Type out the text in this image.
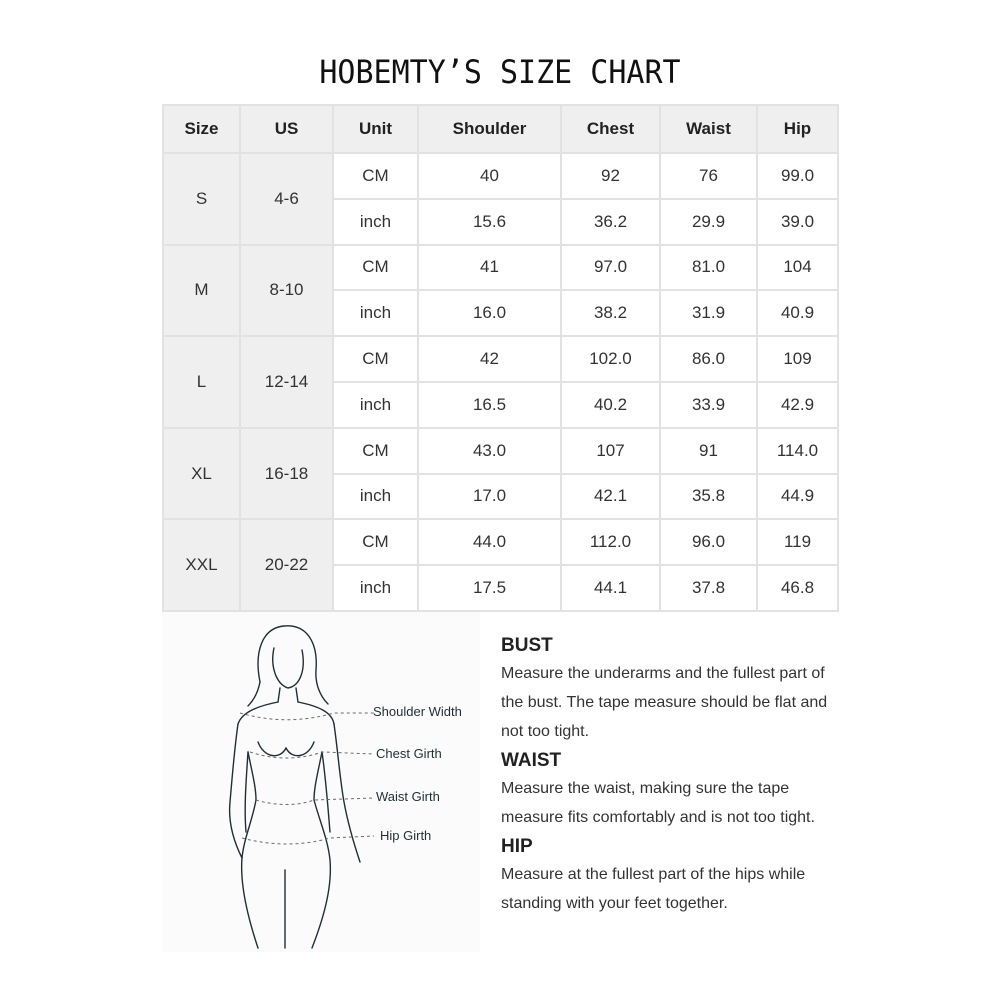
HOBEMTY’S SIZE CHART
Size	US	Unit	Shoulder	Chest	Waist	Hip
S	4-6	CM	40	92	76	99.0
		inch	15.6	36.2	29.9	39.0
M	8-10	CM	41	97.0	81.0	104
		inch	16.0	38.2	31.9	40.9
L	12-14	CM	42	102.0	86.0	109
		inch	16.5	40.2	33.9	42.9
XL	16-18	CM	43.0	107	91	114.0
		inch	17.0	42.1	35.8	44.9
XXL	20-22	CM	44.0	112.0	96.0	119
		inch	17.5	44.1	37.8	46.8
Shoulder Width
Chest Girth
Waist Girth
Hip Girth
BUST

Measure the underarms and the fullest part of the bust. The tape measure should be flat and not too tight.

WAIST

Measure the waist, making sure the tape measure fits comfortably and is not too tight.

HIP

Measure at the fullest part of the hips while standing with your feet together.
